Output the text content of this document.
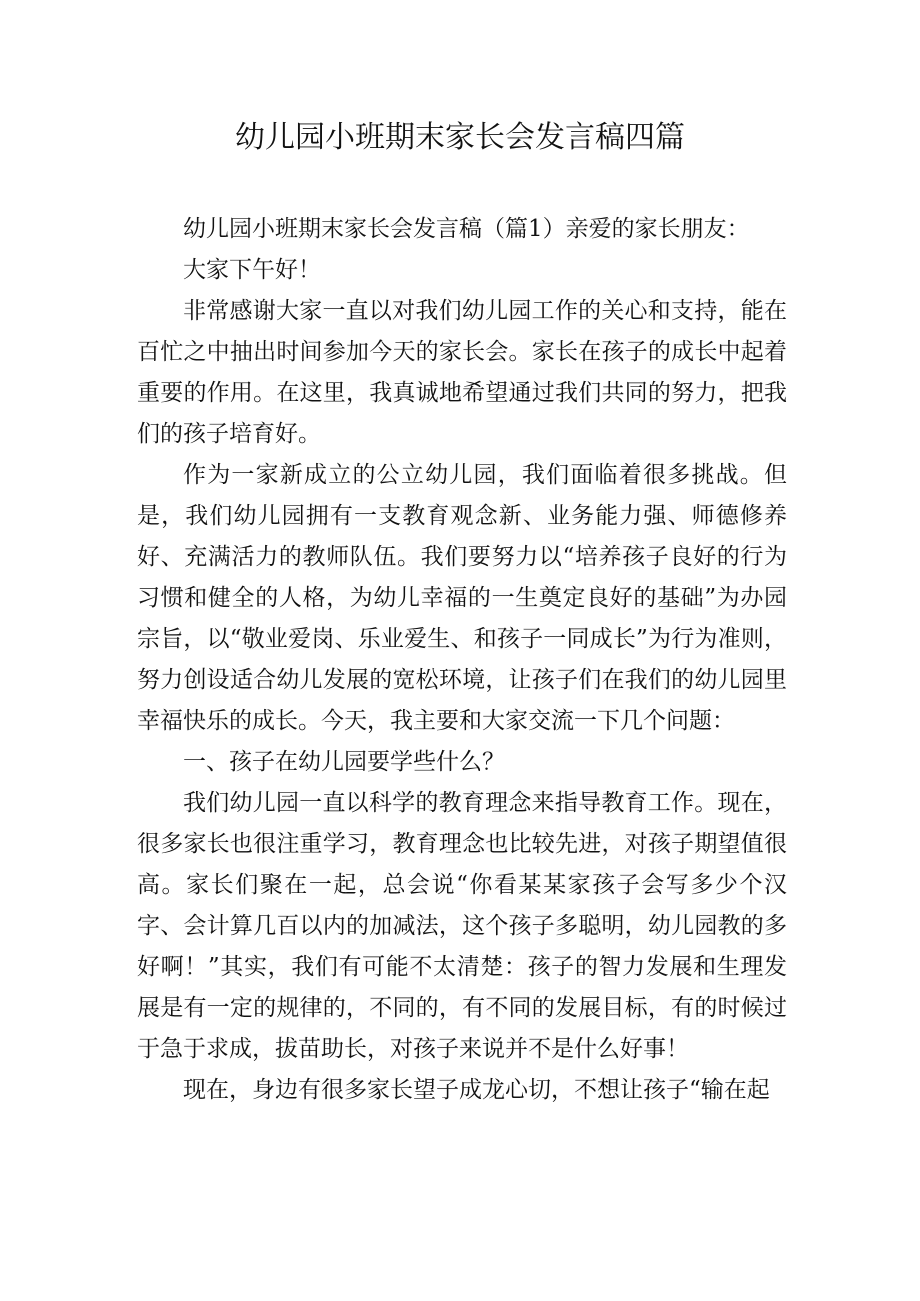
幼儿园小班期末家长会发言稿四篇

幼儿园小班期末家长会发言稿（篇1）亲爱的家长朋友：

大家下午好！

非常感谢大家一直以对我们幼儿园工作的关心和支持，能在百忙之中抽出时间参加今天的家长会。家长在孩子的成长中起着重要的作用。在这里，我真诚地希望通过我们共同的努力，把我们的孩子培育好。

作为一家新成立的公立幼儿园，我们面临着很多挑战。但是，我们幼儿园拥有一支教育观念新、业务能力强、师德修养好、充满活力的教师队伍。我们要努力以“培养孩子良好的行为习惯和健全的人格，为幼儿幸福的一生奠定良好的基础”为办园宗旨，以“敬业爱岗、乐业爱生、和孩子一同成长”为行为准则，努力创设适合幼儿发展的宽松环境，让孩子们在我们的幼儿园里幸福快乐的成长。今天，我主要和大家交流一下几个问题：

一、孩子在幼儿园要学些什么？

我们幼儿园一直以科学的教育理念来指导教育工作。现在，很多家长也很注重学习，教育理念也比较先进，对孩子期望值很高。家长们聚在一起，总会说“你看某某家孩子会写多少个汉字、会计算几百以内的加减法，这个孩子多聪明，幼儿园教的多好啊！”其实，我们有可能不太清楚：孩子的智力发展和生理发展是有一定的规律的，不同的，有不同的发展目标，有的时候过于急于求成，拔苗助长，对孩子来说并不是什么好事！

现在，身边有很多家长望子成龙心切，不想让孩子“输在起
